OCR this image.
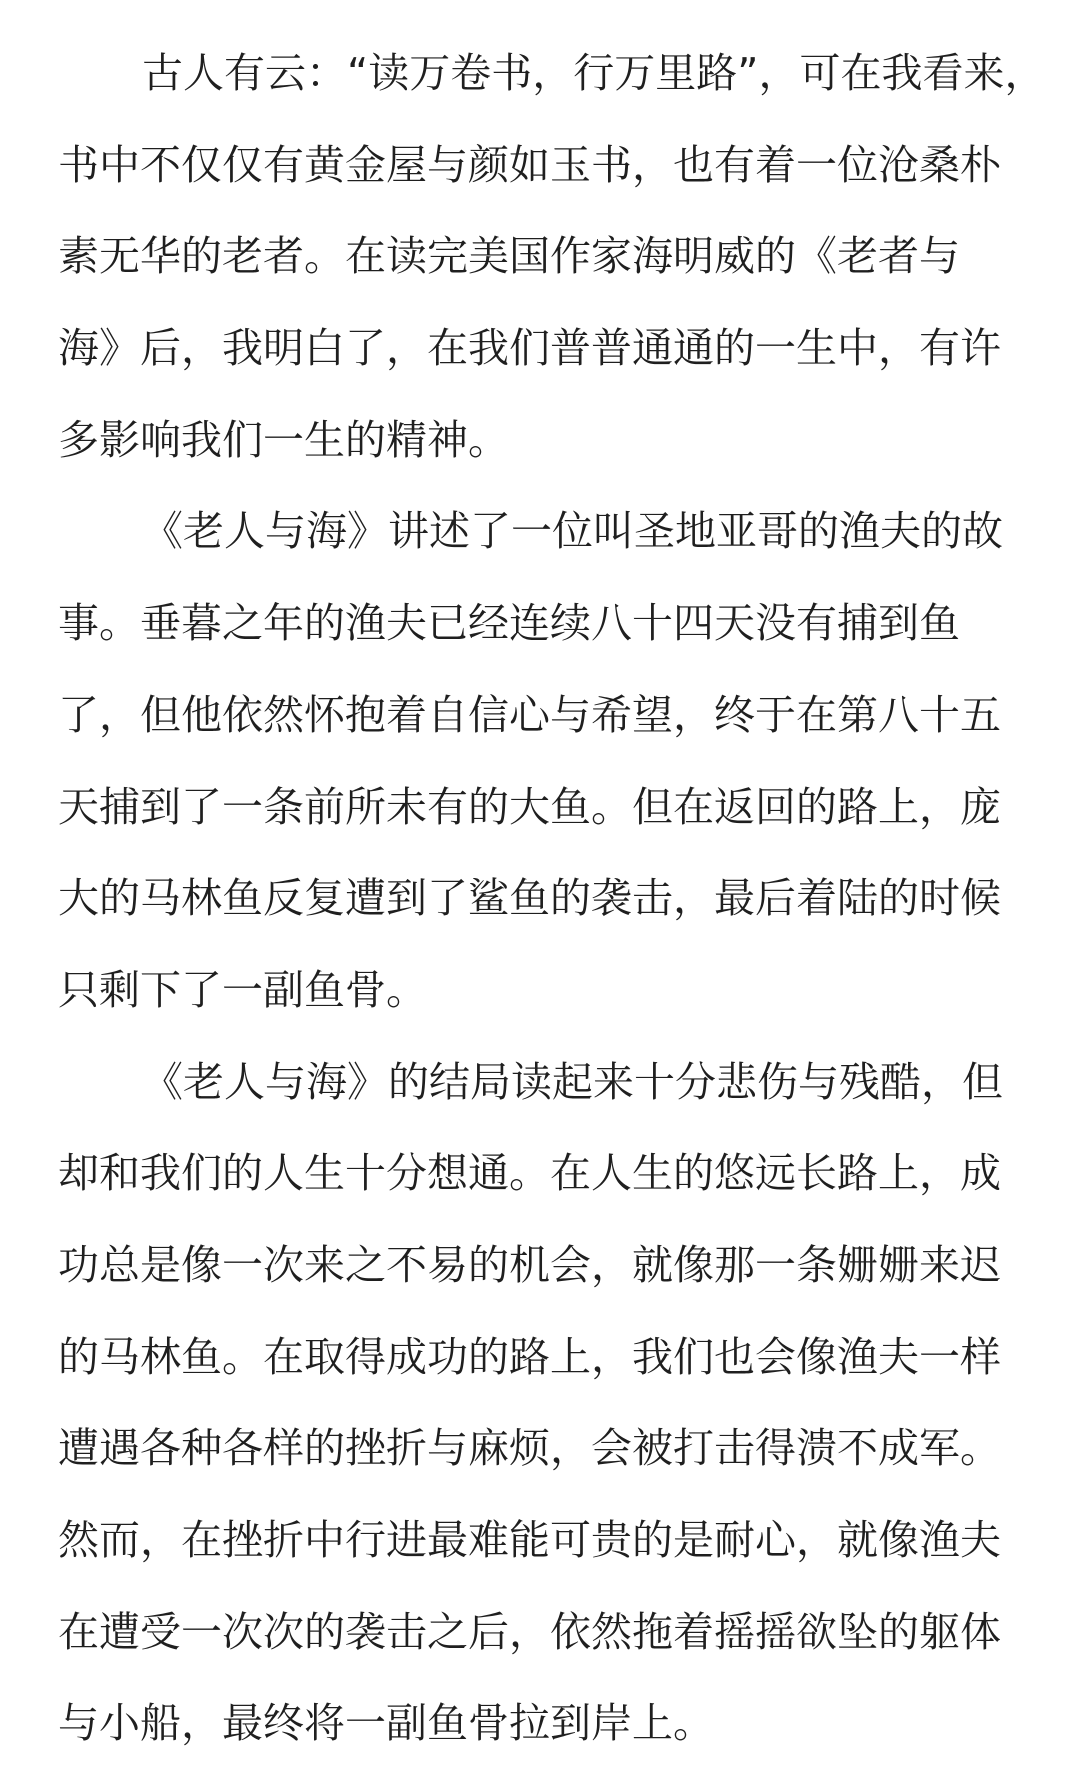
古人有云：“读万卷书，行万里路”，可在我看来，
书中不仅仅有黄金屋与颜如玉书，也有着一位沧桑朴
素无华的老者。在读完美国作家海明威的《老者与
海》后，我明白了，在我们普普通通的一生中，有许
多影响我们一生的精神。
《老人与海》讲述了一位叫圣地亚哥的渔夫的故
事。垂暮之年的渔夫已经连续八十四天没有捕到鱼
了，但他依然怀抱着自信心与希望，终于在第八十五
天捕到了一条前所未有的大鱼。但在返回的路上，庞
大的马林鱼反复遭到了鲨鱼的袭击，最后着陆的时候
只剩下了一副鱼骨。
《老人与海》的结局读起来十分悲伤与残酷，但
却和我们的人生十分想通。在人生的悠远长路上，成
功总是像一次来之不易的机会，就像那一条姗姗来迟
的马林鱼。在取得成功的路上，我们也会像渔夫一样
遭遇各种各样的挫折与麻烦，会被打击得溃不成军。
然而，在挫折中行进最难能可贵的是耐心，就像渔夫
在遭受一次次的袭击之后，依然拖着摇摇欲坠的躯体
与小船，最终将一副鱼骨拉到岸上。
